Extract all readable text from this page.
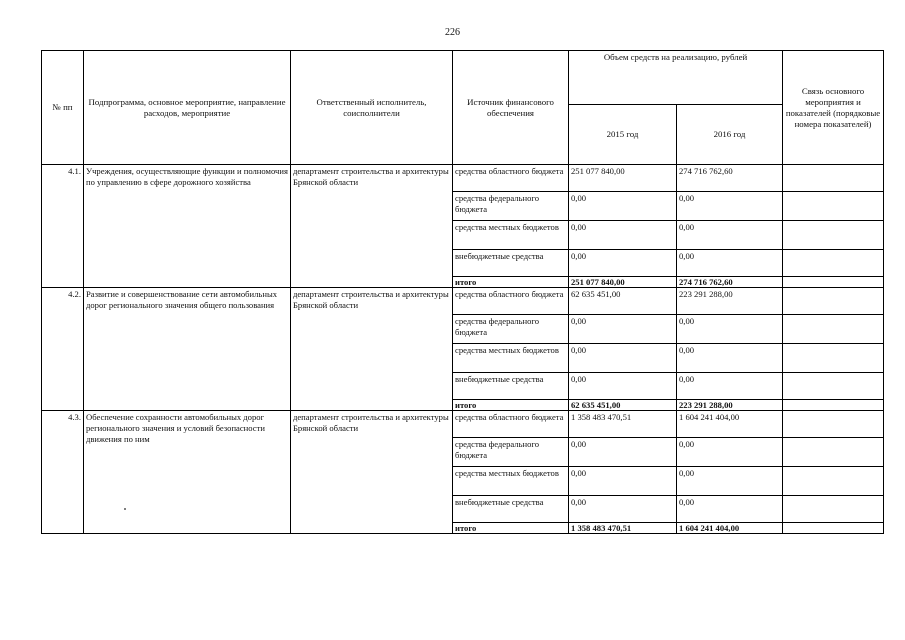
226
№ пп	Подпрограмма, основное мероприятие, направление расходов, мероприятие	Ответственный исполнитель, соисполнители	Источник финансового обеспечения	Объем средств на реализацию, рублей		Связь основного мероприятия и показателей (порядковые номера показателей)
				2015 год	2016 год	
4.1.	Учреждения, осуществляющие функции и полномочия по управлению в сфере дорожного хозяйства	департамент строительства и архитектуры Брянской области	средства областного бюджета	251 077 840,00	274 716 762,60	
			средства федерального бюджета	0,00	0,00	
			средства местных бюджетов	0,00	0,00	
			внебюджетные средства	0,00	0,00	
			итого	251 077 840,00	274 716 762,60	
4.2.	Развитие и совершенствование сети автомобильных дорог регионального значения общего пользования	департамент строительства и архитектуры Брянской области	средства областного бюджета	62 635 451,00	223 291 288,00	
			средства федерального бюджета	0,00	0,00	
			средства местных бюджетов	0,00	0,00	
			внебюджетные средства	0,00	0,00	
			итого	62 635 451,00	223 291 288,00	
4.3.	Обеспечение сохранности автомобильных дорог регионального значения и условий безопасности движения по ним	департамент строительства и архитектуры Брянской области	средства областного бюджета	1 358 483 470,51	1 604 241 404,00	
			средства федерального бюджета	0,00	0,00	
			средства местных бюджетов	0,00	0,00	
			внебюджетные средства	0,00	0,00	
			итого	1 358 483 470,51	1 604 241 404,00	
